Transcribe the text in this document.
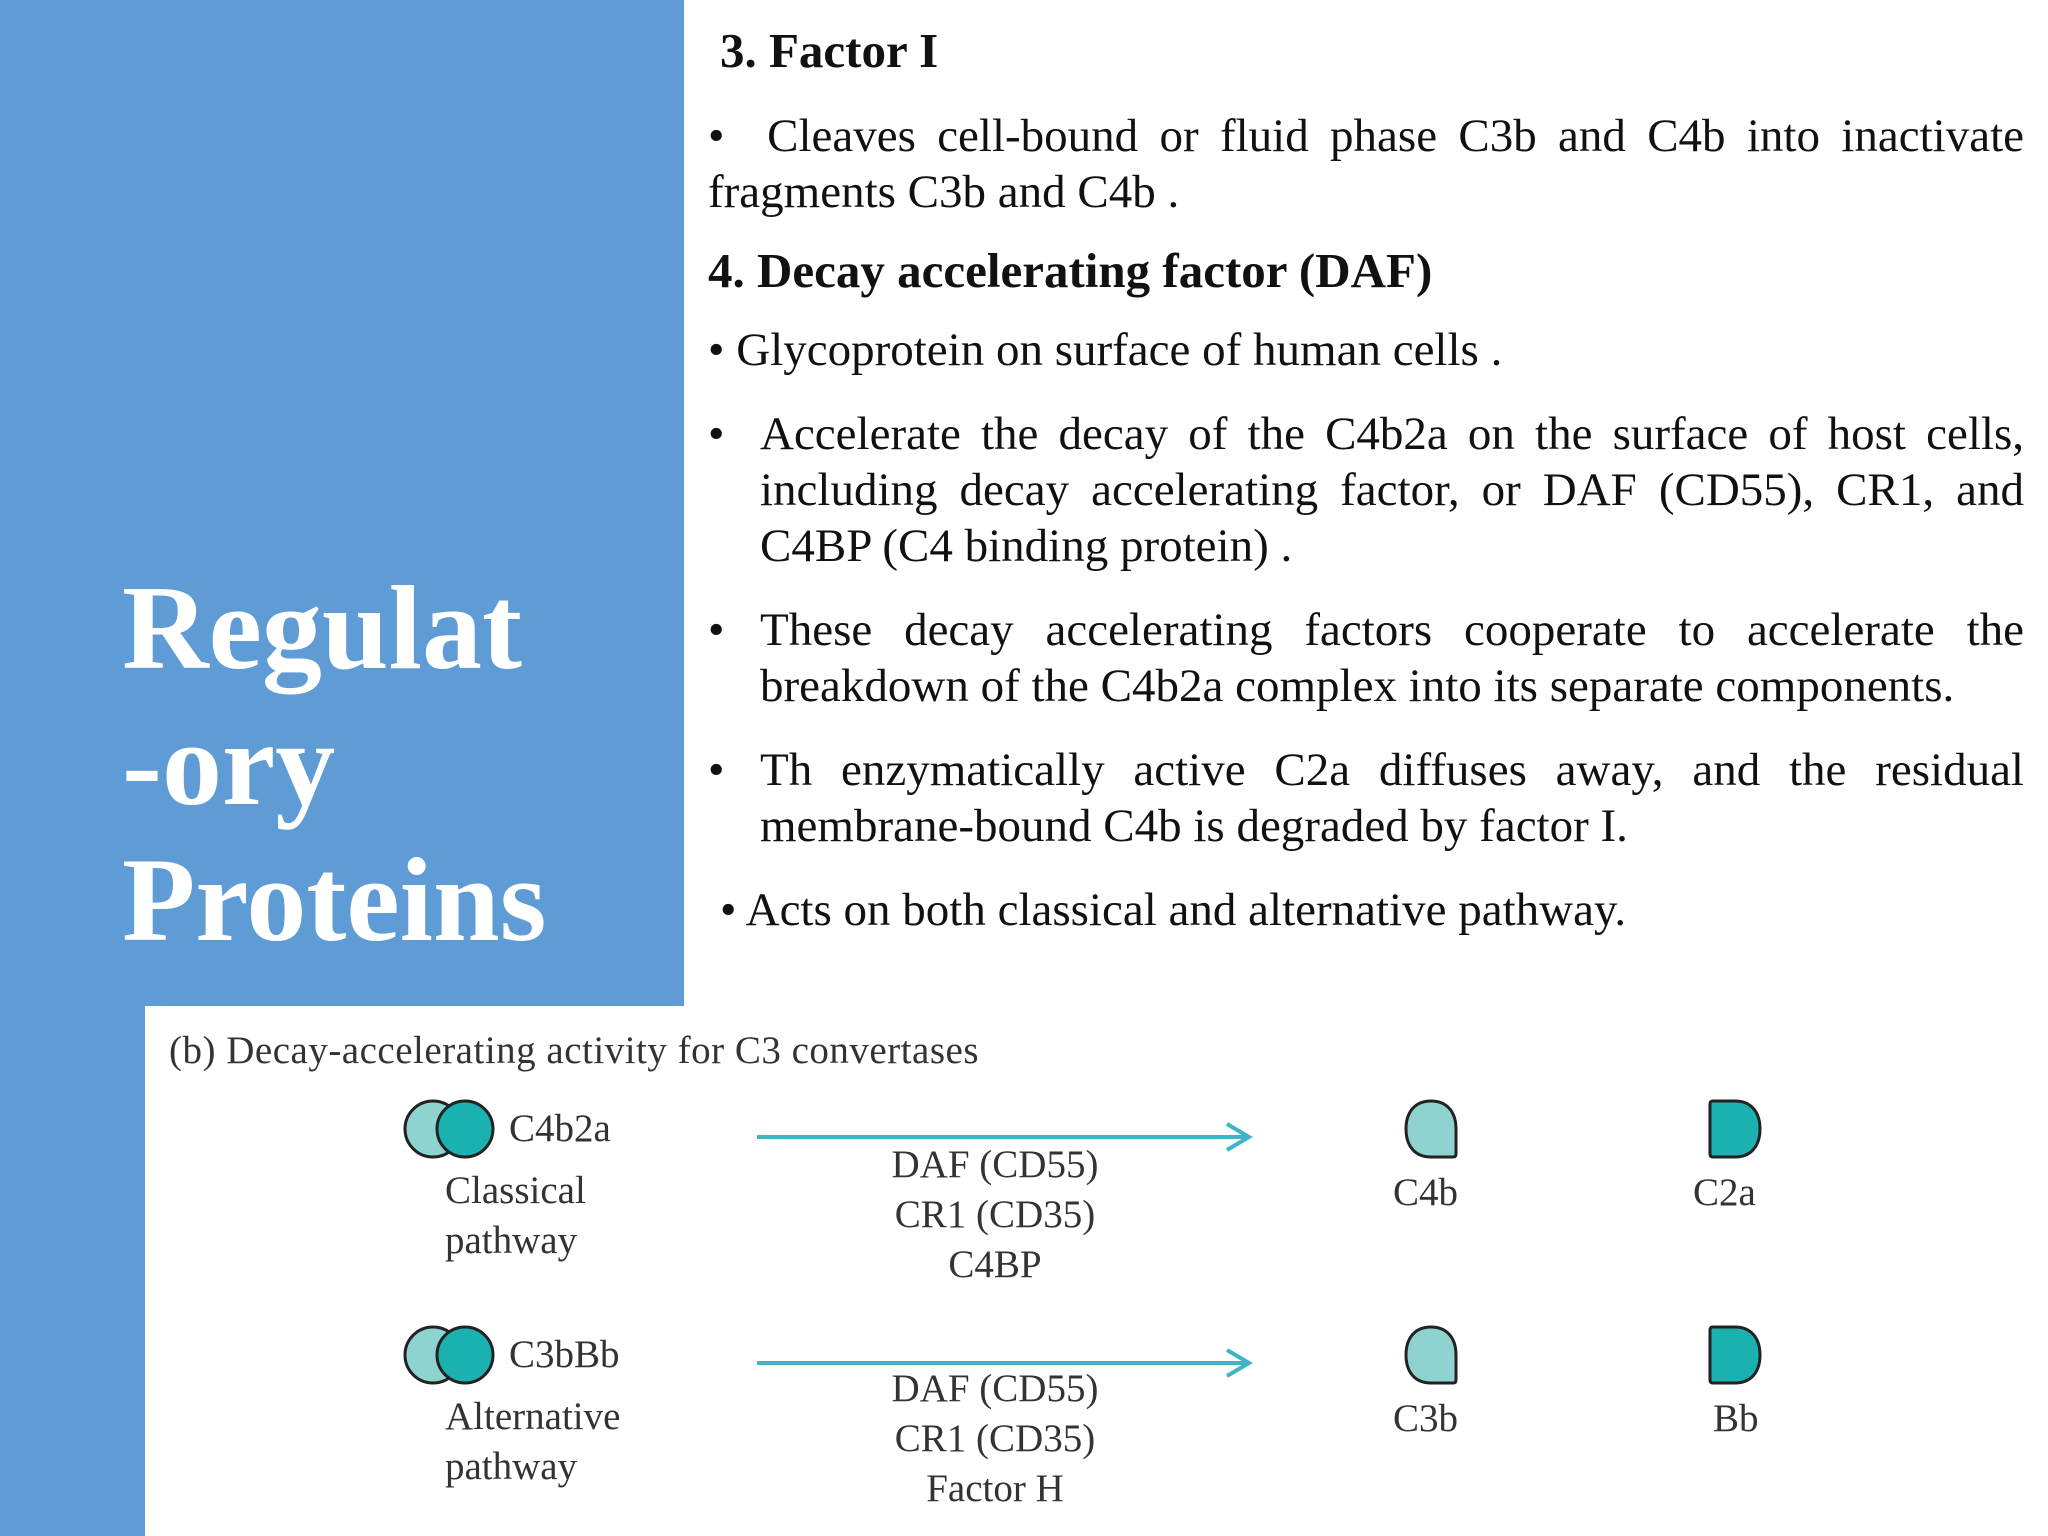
Regulat
-ory
Proteins

3. Factor I

•  Cleaves cell-bound or fluid phase C3b and C4b into inactivate fragments C3b and C4b .

4. Decay accelerating factor (DAF)

• Glycoprotein on surface of human cells .
• Accelerate the decay of the C4b2a on the surface of host cells, including decay accelerating factor, or DAF (CD55), CR1, and C4BP (C4 binding protein) .
• These decay accelerating factors cooperate to accelerate the breakdown of the C4b2a complex into its separate components.
• Th enzymatically active C2a diffuses away, and the residual membrane-bound C4b is degraded by factor I.
• Acts on both classical and alternative pathway.
(b) Decay-accelerating activity for C3 convertases
C4b2a
Classical
pathway
DAF (CD55)
CR1 (CD35)
C4BP
C4b	C2a
C3bBb
Alternative
pathway
DAF (CD55)
CR1 (CD35)
Factor H
C3b	Bb
